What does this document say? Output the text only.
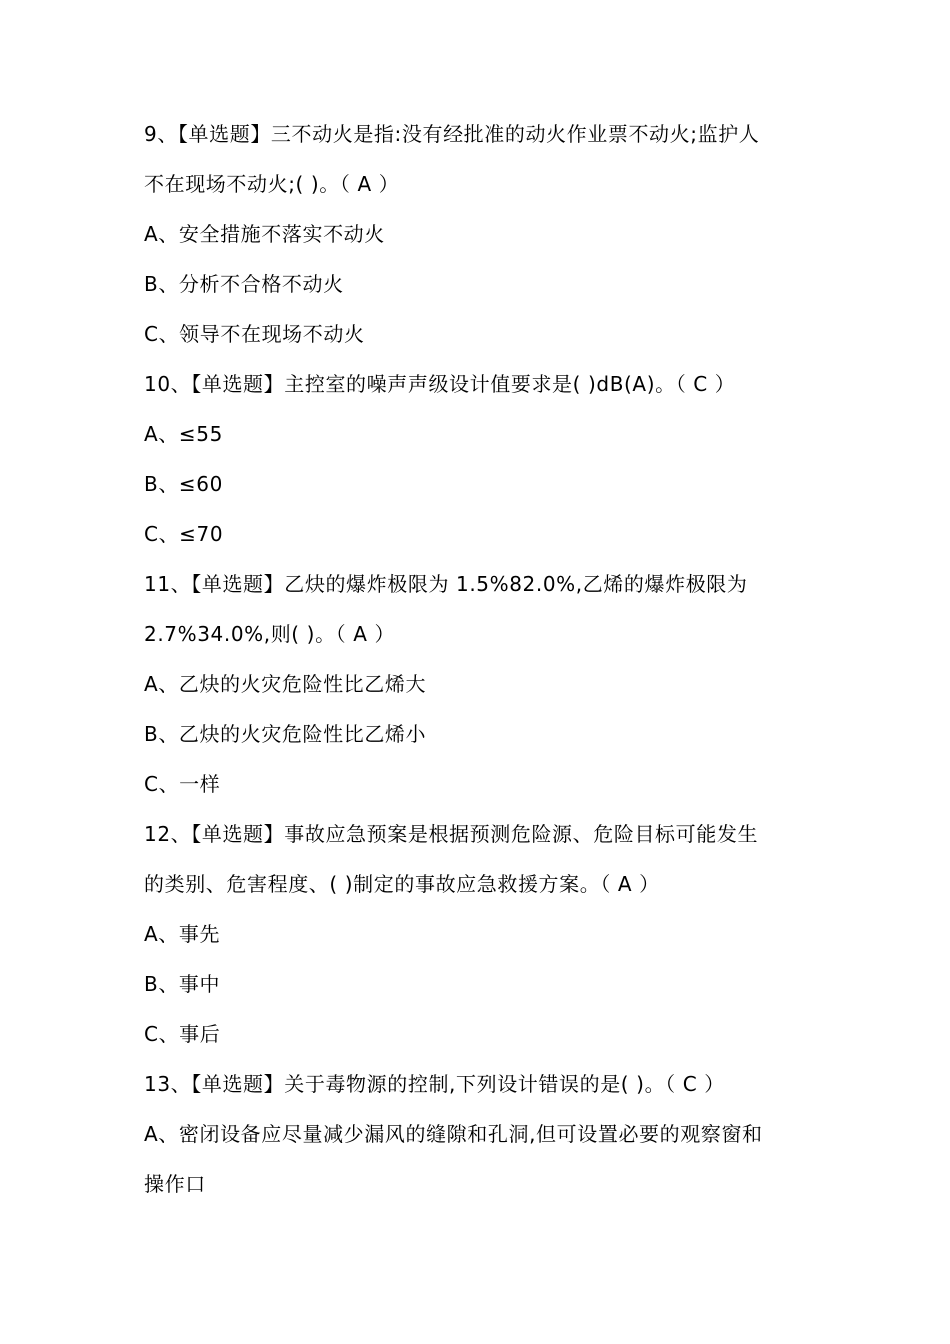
9、【单选题】三不动火是指:没有经批准的动火作业票不动火;监护人
不在现场不动火;( )。（ A ）
A、安全措施不落实不动火
B、分析不合格不动火
C、领导不在现场不动火
10、【单选题】主控室的噪声声级设计值要求是( )dB(A)。（ C ）
A、≤55
B、≤60
C、≤70
11、【单选题】乙炔的爆炸极限为 1.5%82.0%,乙烯的爆炸极限为
2.7%34.0%,则( )。（ A ）
A、乙炔的火灾危险性比乙烯大
B、乙炔的火灾危险性比乙烯小
C、一样
12、【单选题】事故应急预案是根据预测危险源、危险目标可能发生
的类别、危害程度、( )制定的事故应急救援方案。（ A ）
A、事先
B、事中
C、事后
13、【单选题】关于毒物源的控制,下列设计错误的是( )。（ C ）
A、密闭设备应尽量减少漏风的缝隙和孔洞,但可设置必要的观察窗和
操作口
